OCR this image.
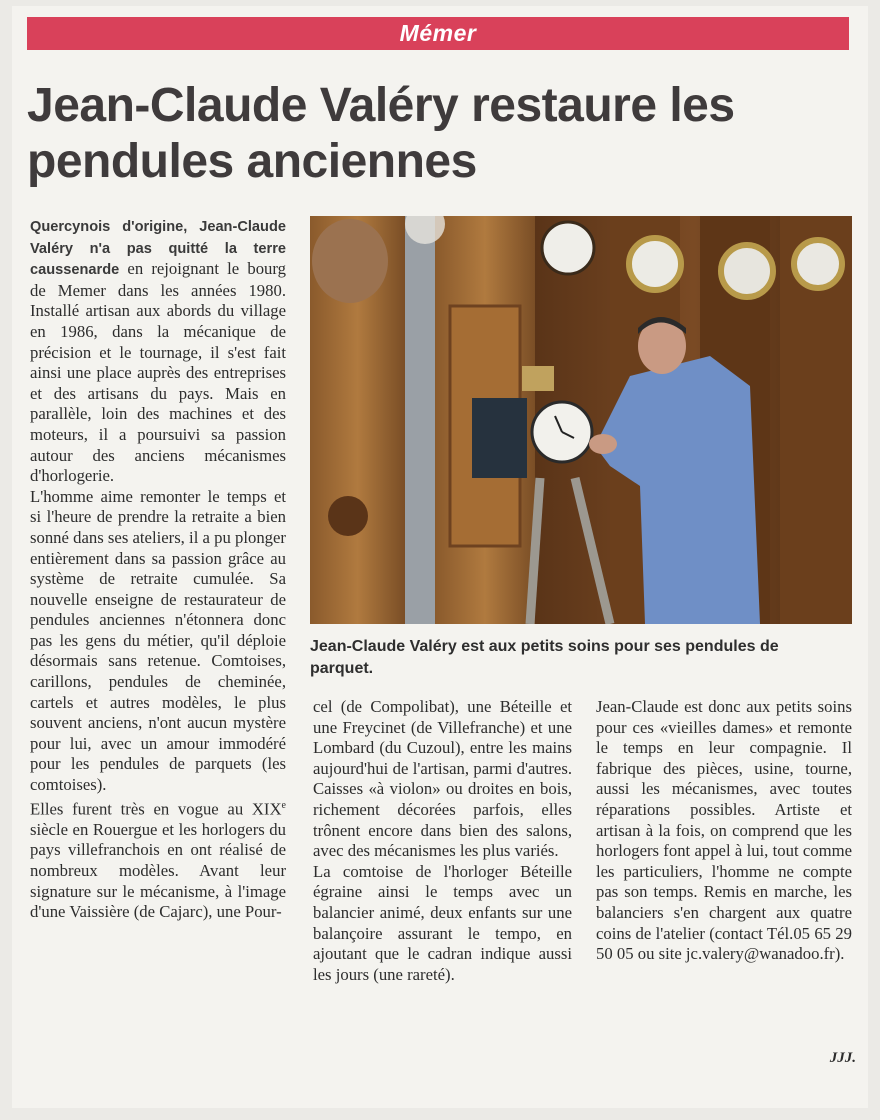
Mémer
Jean-Claude Valéry restaure les pendules anciennes

Quercynois d'origine, Jean-Claude Valéry n'a pas quitté la terre caussenarde en rejoignant le bourg de Memer dans les années 1980. Installé artisan aux abords du village en 1986, dans la mécanique de précision et le tournage, il s'est fait ainsi une place auprès des entreprises et des artisans du pays. Mais en parallèle, loin des machines et des moteurs, il a poursuivi sa passion autour des anciens mécanismes d'horlogerie.

L'homme aime remonter le temps et si l'heure de prendre la retraite a bien sonné dans ses ateliers, il a pu plonger entièrement dans sa passion grâce au système de retraite cumulée. Sa nouvelle enseigne de restaurateur de pendules anciennes n'étonnera donc pas les gens du métier, qu'il déploie désormais sans retenue. Comtoises, carillons, pendules de cheminée, cartels et autres modèles, le plus souvent anciens, n'ont aucun mystère pour lui, avec un amour immodéré pour les pendules de parquets (les comtoises).

Elles furent très en vogue au XIXe siècle en Rouergue et les horlogers du pays villefranchois en ont réalisé de nombreux modèles. Avant leur signature sur le mécanisme, à l'image d'une Vaissière (de Cajarc), une Pour-

Jean-Claude Valéry est aux petits soins pour ses pendules de parquet.

cel (de Compolibat), une Béteille et une Freycinet (de Villefranche) et une Lombard (du Cuzoul), entre les mains aujourd'hui de l'artisan, parmi d'autres. Caisses «à violon» ou droites en bois, richement décorées parfois, elles trônent encore dans bien des salons, avec des mécanismes les plus variés.

La comtoise de l'horloger Béteille égraine ainsi le temps avec un balancier animé, deux enfants sur une balançoire assurant le tempo, en ajoutant que le cadran indique aussi les jours (une rareté).

Jean-Claude est donc aux petits soins pour ces «vieilles dames» et remonte le temps en leur compagnie. Il fabrique des pièces, usine, tourne, aussi les mécanismes, avec toutes réparations possibles. Artiste et artisan à la fois, on comprend que les horlogers font appel à lui, tout comme les particuliers, l'homme ne compte pas son temps. Remis en marche, les balanciers s'en chargent aux quatre coins de l'atelier (contact Tél.05 65 29 50 05 ou site jc.valery@wanadoo.fr).

JJJ.
